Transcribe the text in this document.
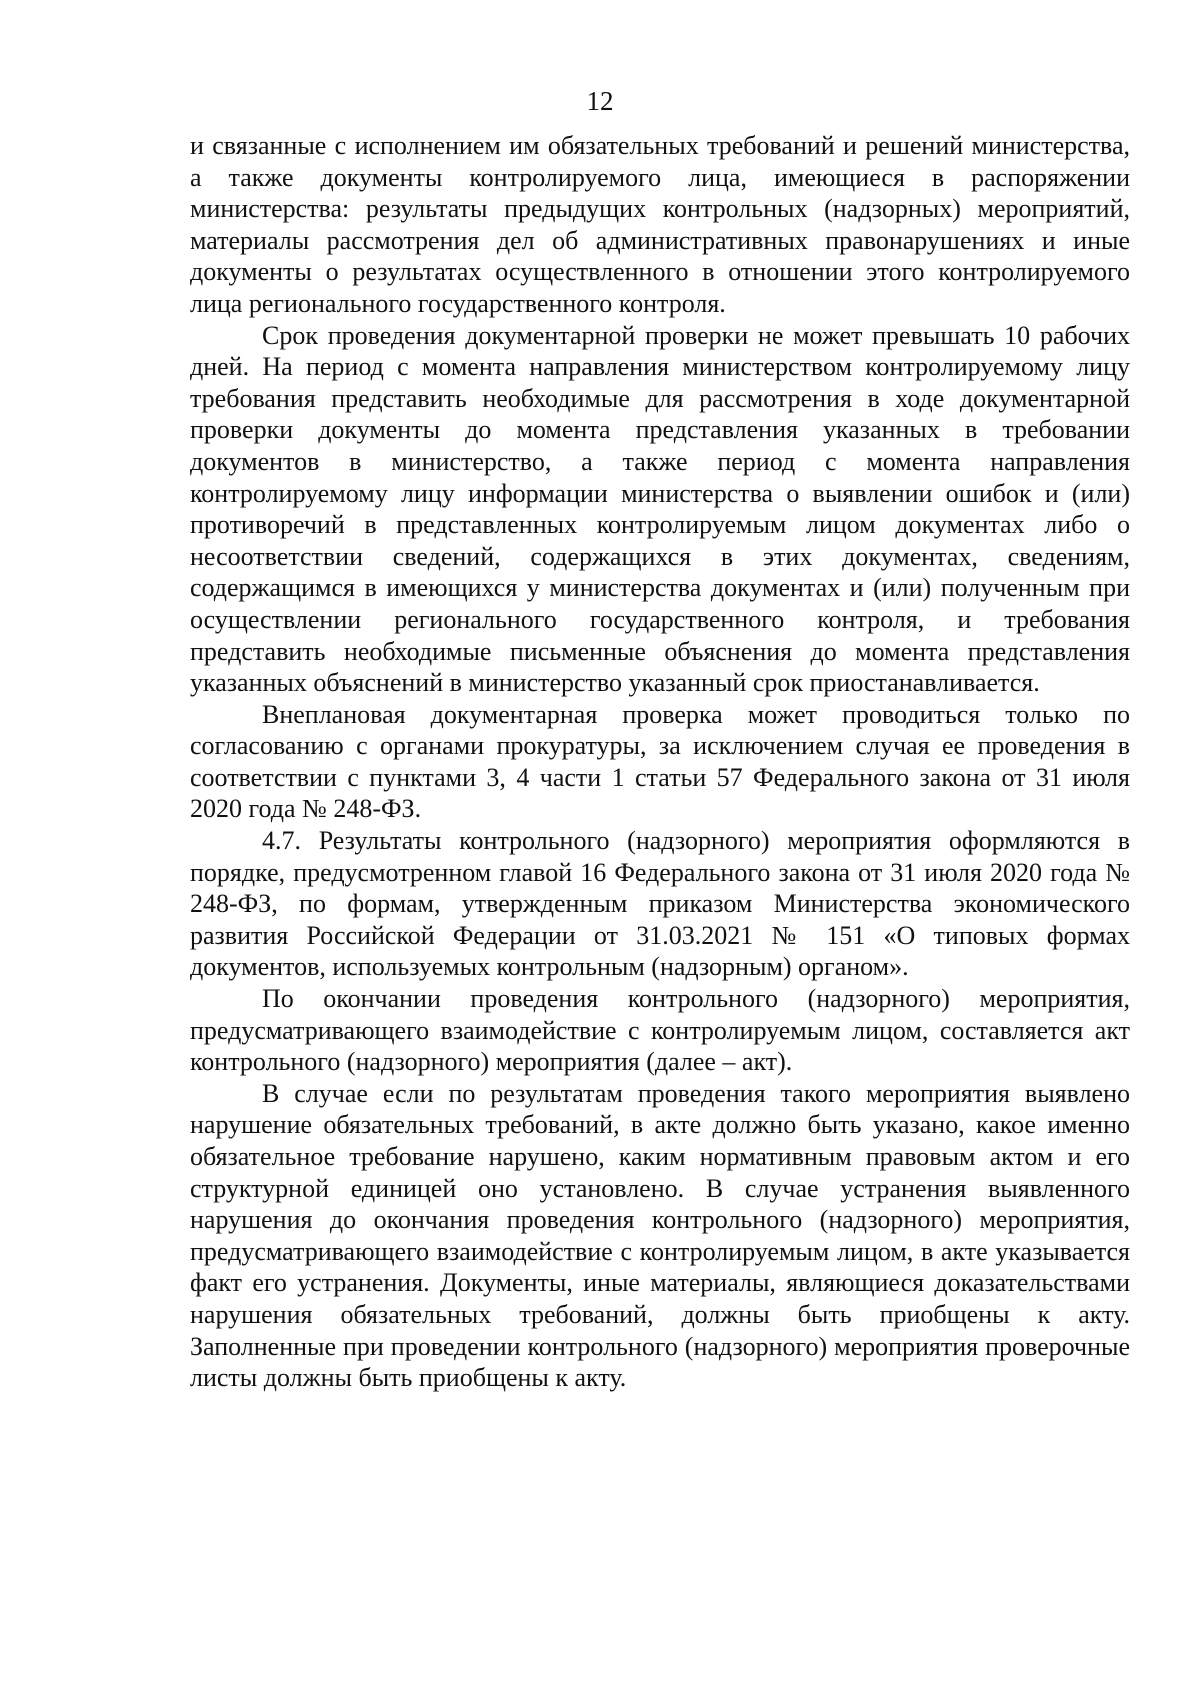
12

и связанные с исполнением им обязательных требований и решений министерства, а также документы контролируемого лица, имеющиеся в распоряжении министерства: результаты предыдущих контрольных (надзорных) мероприятий, материалы рассмотрения дел об административных правонарушениях и иные документы о результатах осуществленного в отношении этого контролируемого лица регионального государственного контроля.

Срок проведения документарной проверки не может превышать 10 рабочих дней. На период с момента направления министерством контролируемому лицу требования представить необходимые для рассмотрения в ходе документарной проверки документы до момента представления указанных в требовании документов в министерство, а также период с момента направления контролируемому лицу информации министерства о выявлении ошибок и (или) противоречий в представленных контролируемым лицом документах либо о несоответствии сведений, содержащихся в этих документах, сведениям, содержащимся в имеющихся у министерства документах и (или) полученным при осуществлении регионального государственного контроля, и требования представить необходимые письменные объяснения до момента представления указанных объяснений в министерство указанный срок приостанавливается.

Внеплановая документарная проверка может проводиться только по согласованию с органами прокуратуры, за исключением случая ее проведения в соответствии с пунктами 3, 4 части 1 статьи 57 Федерального закона от 31 июля 2020 года № 248-ФЗ.

4.7. Результаты контрольного (надзорного) мероприятия оформляются в порядке, предусмотренном главой 16 Федерального закона от 31 июля 2020 года № 248-ФЗ, по формам, утвержденным приказом Министерства экономического развития Российской Федерации от 31.03.2021 № 151 «О типовых формах документов, используемых контрольным (надзорным) органом».

По окончании проведения контрольного (надзорного) мероприятия, предусматривающего взаимодействие с контролируемым лицом, составляется акт контрольного (надзорного) мероприятия (далее – акт).

В случае если по результатам проведения такого мероприятия выявлено нарушение обязательных требований, в акте должно быть указано, какое именно обязательное требование нарушено, каким нормативным правовым актом и его структурной единицей оно установлено. В случае устранения выявленного нарушения до окончания проведения контрольного (надзорного) мероприятия, предусматривающего взаимодействие с контролируемым лицом, в акте указывается факт его устранения. Документы, иные материалы, являющиеся доказательствами нарушения обязательных требований, должны быть приобщены к акту. Заполненные при проведении контрольного (надзорного) мероприятия проверочные листы должны быть приобщены к акту.
